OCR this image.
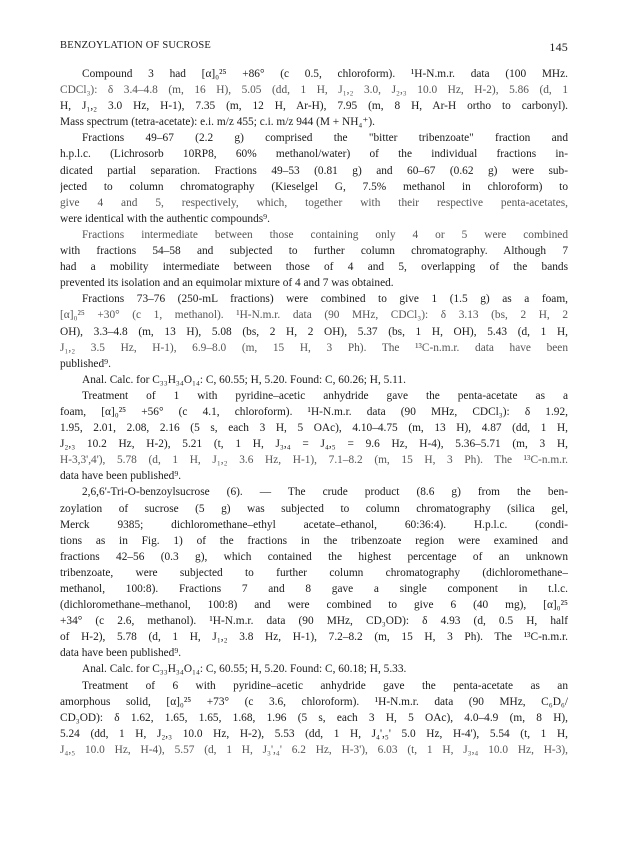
BENZOYLATION OF SUCROSE	145
Compound 3 had [α]₀²⁵ +86° (c 0.5, chloroform). ¹H-N.m.r. data (100 MHz.
CDCl₃): δ 3.4–4.8 (m, 16 H), 5.05 (dd, 1 H, J₁,₂ 3.0, J₂,₃ 10.0 Hz, H-2), 5.86 (d, 1
H, J₁,₂ 3.0 Hz, H-1), 7.35 (m, 12 H, Ar-H), 7.95 (m, 8 H, Ar-H ortho to carbonyl).
Mass spectrum (tetra-acetate): e.i. m/z 455; c.i. m/z 944 (M + NH₄⁺).
Fractions 49–67 (2.2 g) comprised the "bitter tribenzoate" fraction and
h.p.l.c. (Lichrosorb 10RP8, 60% methanol/water) of the individual fractions in-
dicated partial separation. Fractions 49–53 (0.81 g) and 60–67 (0.62 g) were sub-
jected to column chromatography (Kieselgel G, 7.5% methanol in chloroform) to
give 4 and 5, respectively, which, together with their respective penta-acetates,
were identical with the authentic compounds⁹.
Fractions intermediate between those containing only 4 or 5 were combined
with fractions 54–58 and subjected to further column chromatography. Although 7
had a mobility intermediate between those of 4 and 5, overlapping of the bands
prevented its isolation and an equimolar mixture of 4 and 7 was obtained.
Fractions 73–76 (250-mL fractions) were combined to give 1 (1.5 g) as a foam,
[α]₀²⁵ +30° (c 1, methanol). ¹H-N.m.r. data (90 MHz, CDCl₃): δ 3.13 (bs, 2 H, 2
OH), 3.3–4.8 (m, 13 H), 5.08 (bs, 2 H, 2 OH), 5.37 (bs, 1 H, OH), 5.43 (d, 1 H,
J₁,₂ 3.5 Hz, H-1), 6.9–8.0 (m, 15 H, 3 Ph). The ¹³C-n.m.r. data have been
published⁹.
Anal. Calc. for C₃₃H₃₄O₁₄: C, 60.55; H, 5.20. Found: C, 60.26; H, 5.11.
Treatment of 1 with pyridine–acetic anhydride gave the penta-acetate as a
foam, [α]₀²⁵ +56° (c 4.1, chloroform). ¹H-N.m.r. data (90 MHz, CDCl₃): δ 1.92,
1.95, 2.01, 2.08, 2.16 (5 s, each 3 H, 5 OAc), 4.10–4.75 (m, 13 H), 4.87 (dd, 1 H,
J₂,₃ 10.2 Hz, H-2), 5.21 (t, 1 H, J₃,₄ = J₄,₅ = 9.6 Hz, H-4), 5.36–5.71 (m, 3 H,
H-3,3',4'), 5.78 (d, 1 H, J₁,₂ 3.6 Hz, H-1), 7.1–8.2 (m, 15 H, 3 Ph). The ¹³C-n.m.r.
data have been published⁹.
2,6,6'-Tri-O-benzoylsucrose (6). — The crude product (8.6 g) from the ben-
zoylation of sucrose (5 g) was subjected to column chromatography (silica gel,
Merck 9385; dichloromethane–ethyl acetate–ethanol, 60:36:4). H.p.l.c. (condi-
tions as in Fig. 1) of the fractions in the tribenzoate region were examined and
fractions 42–56 (0.3 g), which contained the highest percentage of an unknown
tribenzoate, were subjected to further column chromatography (dichloromethane–
methanol, 100:8). Fractions 7 and 8 gave a single component in t.l.c.
(dichloromethane–methanol, 100:8) and were combined to give 6 (40 mg), [α]₀²⁵
+34° (c 2.6, methanol). ¹H-N.m.r. data (90 MHz, CD₃OD): δ 4.93 (d, 0.5 H, half
of H-2), 5.78 (d, 1 H, J₁,₂ 3.8 Hz, H-1), 7.2–8.2 (m, 15 H, 3 Ph). The ¹³C-n.m.r.
data have been published⁹.
Anal. Calc. for C₃₃H₃₄O₁₄: C, 60.55; H, 5.20. Found: C, 60.18; H, 5.33.
Treatment of 6 with pyridine–acetic anhydride gave the penta-acetate as an
amorphous solid, [α]₀²⁵ +73° (c 3.6, chloroform). ¹H-N.m.r. data (90 MHz, C₆D₆/
CD₃OD): δ 1.62, 1.65, 1.65, 1.68, 1.96 (5 s, each 3 H, 5 OAc), 4.0–4.9 (m, 8 H),
5.24 (dd, 1 H, J₂,₃ 10.0 Hz, H-2), 5.53 (dd, 1 H, J₄',₅' 5.0 Hz, H-4'), 5.54 (t, 1 H,
J₄,₅ 10.0 Hz, H-4), 5.57 (d, 1 H, J₃',₄' 6.2 Hz, H-3'), 6.03 (t, 1 H, J₃,₄ 10.0 Hz, H-3),
